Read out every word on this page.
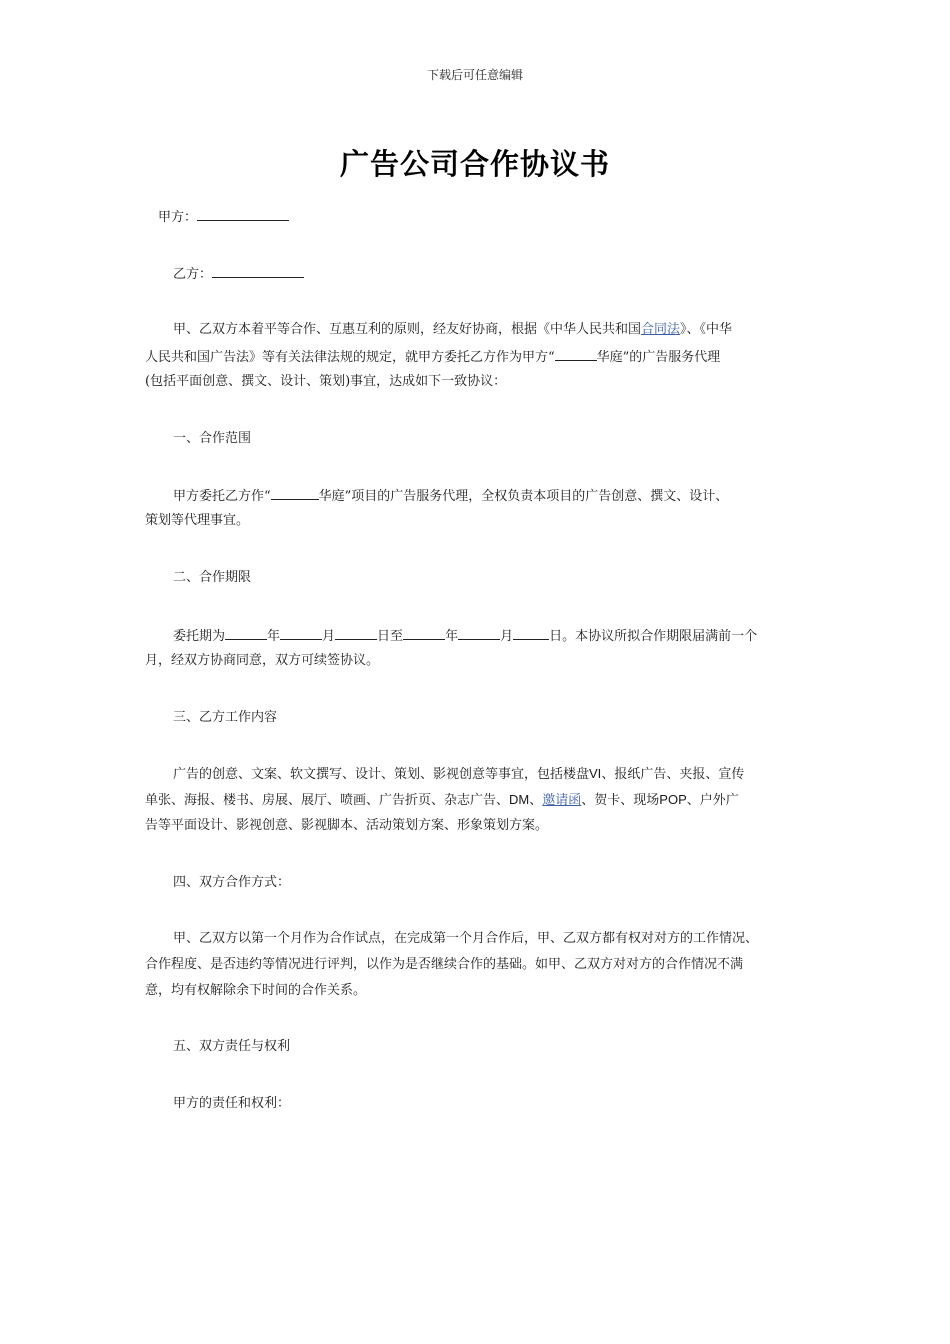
下载后可任意编辑
广告公司合作协议书
甲方：
乙方：
甲、乙双方本着平等合作、互惠互利的原则，经友好协商，根据《中华人民共和国合同法》、《中华
人民共和国广告法》等有关法律法规的规定，就甲方委托乙方作为甲方“	华庭”的广告服务代理
(包括平面创意、撰文、设计、策划)事宜，达成如下一致协议：
一、合作范围
甲方委托乙方作“	华庭”项目的广告服务代理，全权负责本项目的广告创意、撰文、设计、
策划等代理事宜。
二、合作期限
委托期为	年	月	日至	年	月	日。本协议所拟合作期限届满前一个
月，经双方协商同意，双方可续签协议。
三、乙方工作内容
广告的创意、文案、软文撰写、设计、策划、影视创意等事宜，包括楼盘VI、报纸广告、夹报、宣传
单张、海报、楼书、房展、展厅、喷画、广告折页、杂志广告、DM、邀请函、贺卡、现场POP、户外广
告等平面设计、影视创意、影视脚本、活动策划方案、形象策划方案。
四、双方合作方式：
甲、乙双方以第一个月作为合作试点，在完成第一个月合作后，甲、乙双方都有权对对方的工作情况、
合作程度、是否违约等情况进行评判，以作为是否继续合作的基础。如甲、乙双方对对方的合作情况不满
意，均有权解除余下时间的合作关系。
五、双方责任与权利
甲方的责任和权利：
